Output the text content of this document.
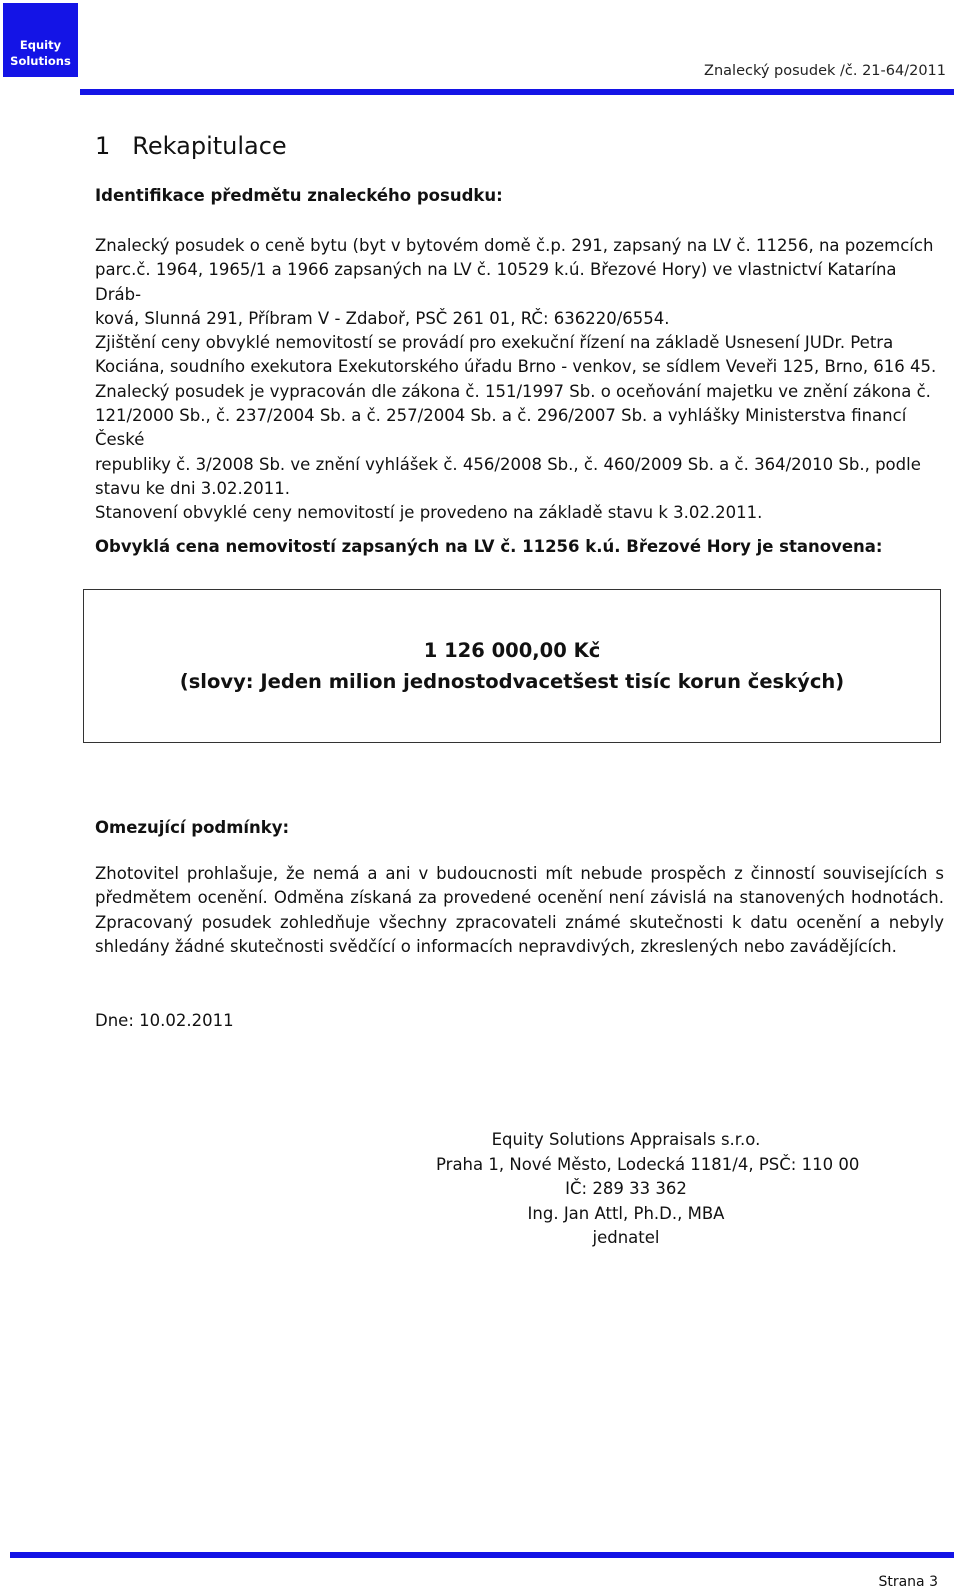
Equity
Solutions
Znalecký posudek /č. 21-64/2011
1 Rekapitulace
Identifikace předmětu znaleckého posudku:

Znalecký posudek o ceně bytu (byt v bytovém domě č.p. 291, zapsaný na LV č. 11256, na pozemcích

parc.č. 1964, 1965/1 a 1966 zapsaných na LV č. 10529 k.ú. Březové Hory) ve vlastnictví Katarína Dráb-

ková, Slunná 291, Příbram V - Zdaboř, PSČ 261 01, RČ: 636220/6554.

Zjištění ceny obvyklé nemovitostí se provádí pro exekuční řízení na základě Usnesení JUDr. Petra

Kociána, soudního exekutora Exekutorského úřadu Brno - venkov, se sídlem Veveři 125, Brno, 616 45.

Znalecký posudek je vypracován dle zákona č. 151/1997 Sb. o oceňování majetku ve znění zákona č.

121/2000 Sb., č. 237/2004 Sb. a č. 257/2004 Sb. a č. 296/2007 Sb. a vyhlášky Ministerstva financí České

republiky č. 3/2008 Sb. ve znění vyhlášek č. 456/2008 Sb., č. 460/2009 Sb. a č. 364/2010 Sb., podle

stavu ke dni 3.02.2011.

Stanovení obvyklé ceny nemovitostí je provedeno na základě stavu k 3.02.2011.

Obvyklá cena nemovitostí zapsaných na LV č. 11256 k.ú. Březové Hory je stanovena:
1 126 000,00 Kč
(slovy: Jeden milion jednostodvacetšest tisíc korun českých)
Omezující podmínky:
Zhotovitel prohlašuje, že nemá a ani v budoucnosti mít nebude prospěch z činností souvisejících s předmětem ocenění. Odměna získaná za provedené ocenění není závislá na stanovených hodnotách. Zpracovaný posudek zohledňuje všechny zpracovateli známé skutečnosti k datu ocenění a nebyly shledány žádné skutečnosti svědčící o informacích nepravdivých, zkreslených nebo zavádějících.
Dne: 10.02.2011
Equity Solutions Appraisals s.r.o.
Praha 1, Nové Město, Lodecká 1181/4, PSČ: 110 00
IČ: 289 33 362
Ing. Jan Attl, Ph.D., MBA
jednatel
Strana 3
